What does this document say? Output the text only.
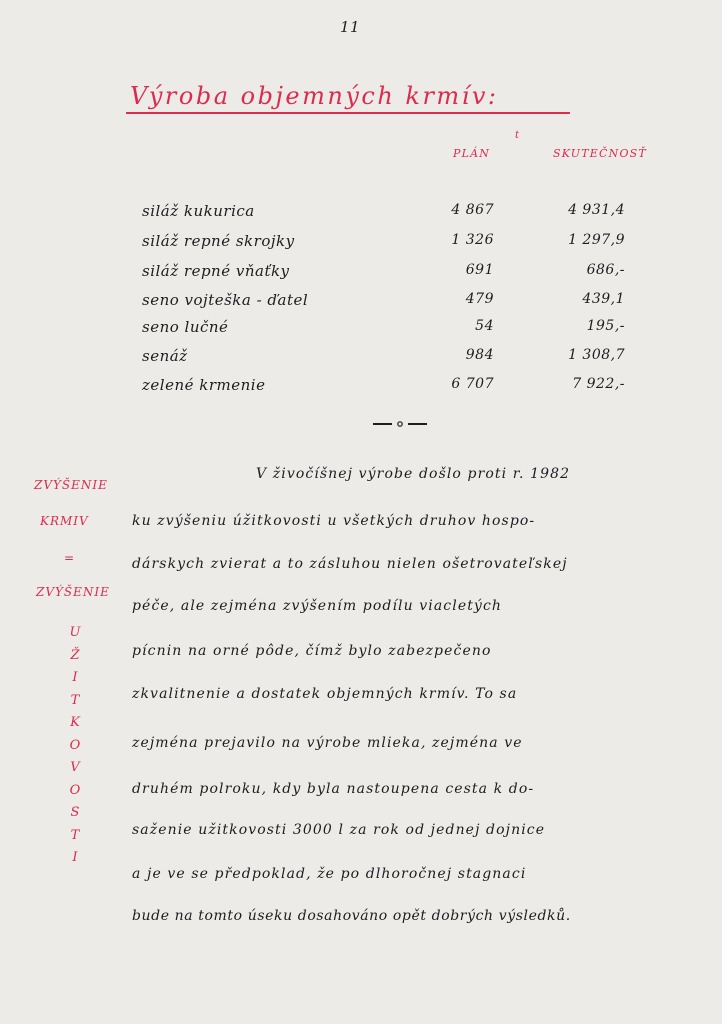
11
Výroba objemných krmív:
PLÁN
t
SKUTEČNOSŤ
siláž kukurica	4 867	4 931,4
siláž repné skrojky	1 326	1 297,9
siláž repné vňaťky	691	686,-
seno vojteška - ďatel	479	439,1
seno lučné	54	195,-
senáž	984	1 308,7
zelené krmenie	6 707	7 922,-
ZVÝŠENIE
KRMIV
=
ZVÝŠENIE
U
Ž
I
T
K
O
V
O
S
T
I
V živočíšnej výrobe došlo proti r. 1982
ku zvýšeniu úžitkovosti u všetkých druhov hospo-
dárskych zvierat a to zásluhou nielen ošetrovateľskej
péče, ale zejména zvýšením podílu viacletých
pícnin na orné pôde, čímž bylo zabezpečeno
zkvalitnenie a dostatek objemných krmív. To sa
zejména prejavilo na výrobe mlieka, zejména ve
druhém polroku, kdy byla nastoupena cesta k do-
saženie užitkovosti 3000 l za rok od jednej dojnice
a je ve se předpoklad, že po dlhoročnej stagnaci
bude na tomto úseku dosahováno opět dobrých výsledků.
